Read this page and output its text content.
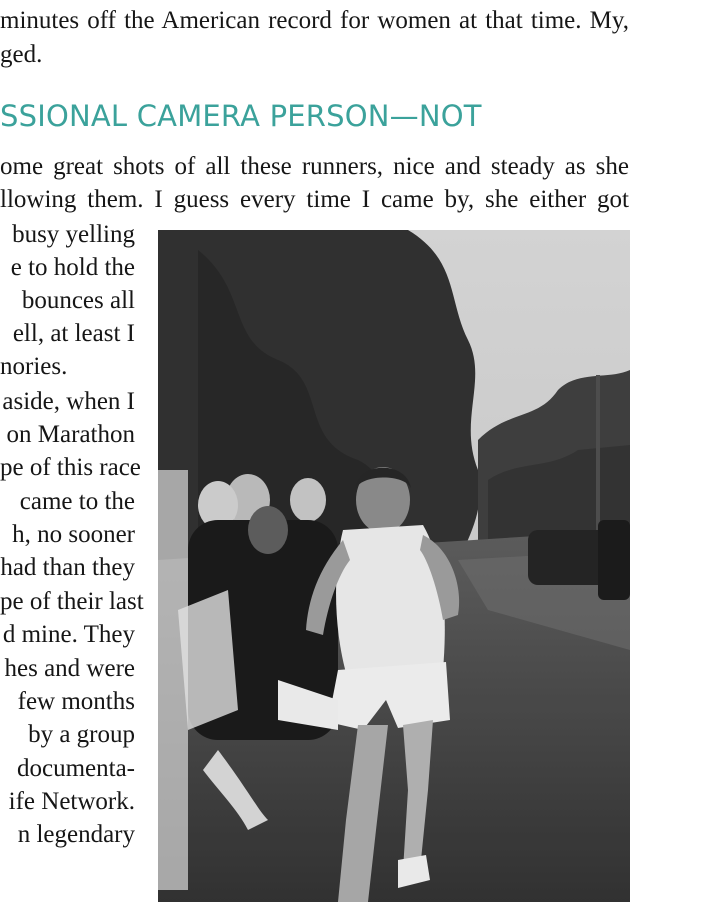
minutes off the American record for women at that time. My,
ged.
SSIONAL CAMERA PERSON—NOT
ome great shots of all these runners, nice and steady as she
llowing them. I guess every time I came by, she either got
busy yelling
e to hold the
bounces all
ell, at least I
nories.
aside, when I
on Marathon
pe of this race
came to the
h, no sooner
had than they
pe of their last
d mine. They
hes and were
few months
by a group
documenta-
ife Network.
n legendary
